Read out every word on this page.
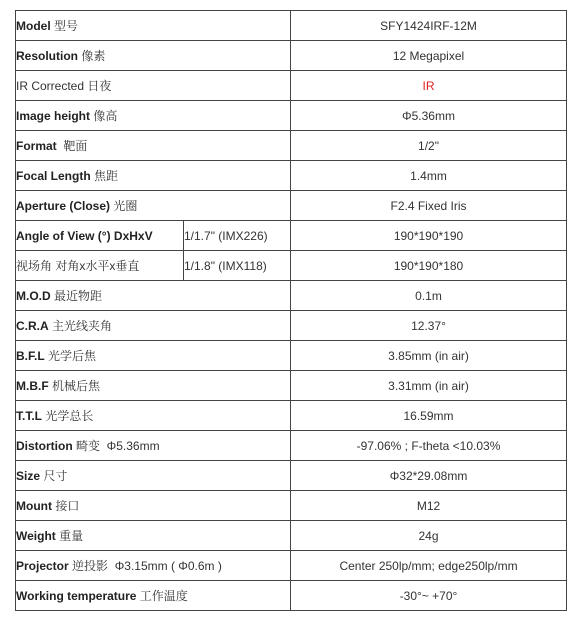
Model 型号		SFY1424IRF-12M
Resolution 像素		12 Megapixel
IR Corrected 日夜		IR
Image height 像高		Φ5.36mm
Format  靶面		1/2"
Focal Length 焦距		1.4mm
Aperture (Close) 光圈		F2.4 Fixed Iris
Angle of View (°) DxHxV	1/1.7" (IMX226)	190*190*190
视场角 对角x水平x垂直	1/1.8" (IMX118)	190*190*180
M.O.D 最近物距		0.1m
C.R.A 主光线夹角		12.37°
B.F.L 光学后焦		3.85mm (in air)
M.B.F 机械后焦		3.31mm (in air)
T.T.L 光学总长		16.59mm
Distortion 畸变  Φ5.36mm		-97.06% ; F-theta <10.03%
Size 尺寸		Φ32*29.08mm
Mount 接口		M12
Weight 重量		24g
Projector 逆投影  Φ3.15mm ( Φ0.6m )		Center 250lp/mm; edge250lp/mm
Working temperature 工作温度		-30°~ +70°
